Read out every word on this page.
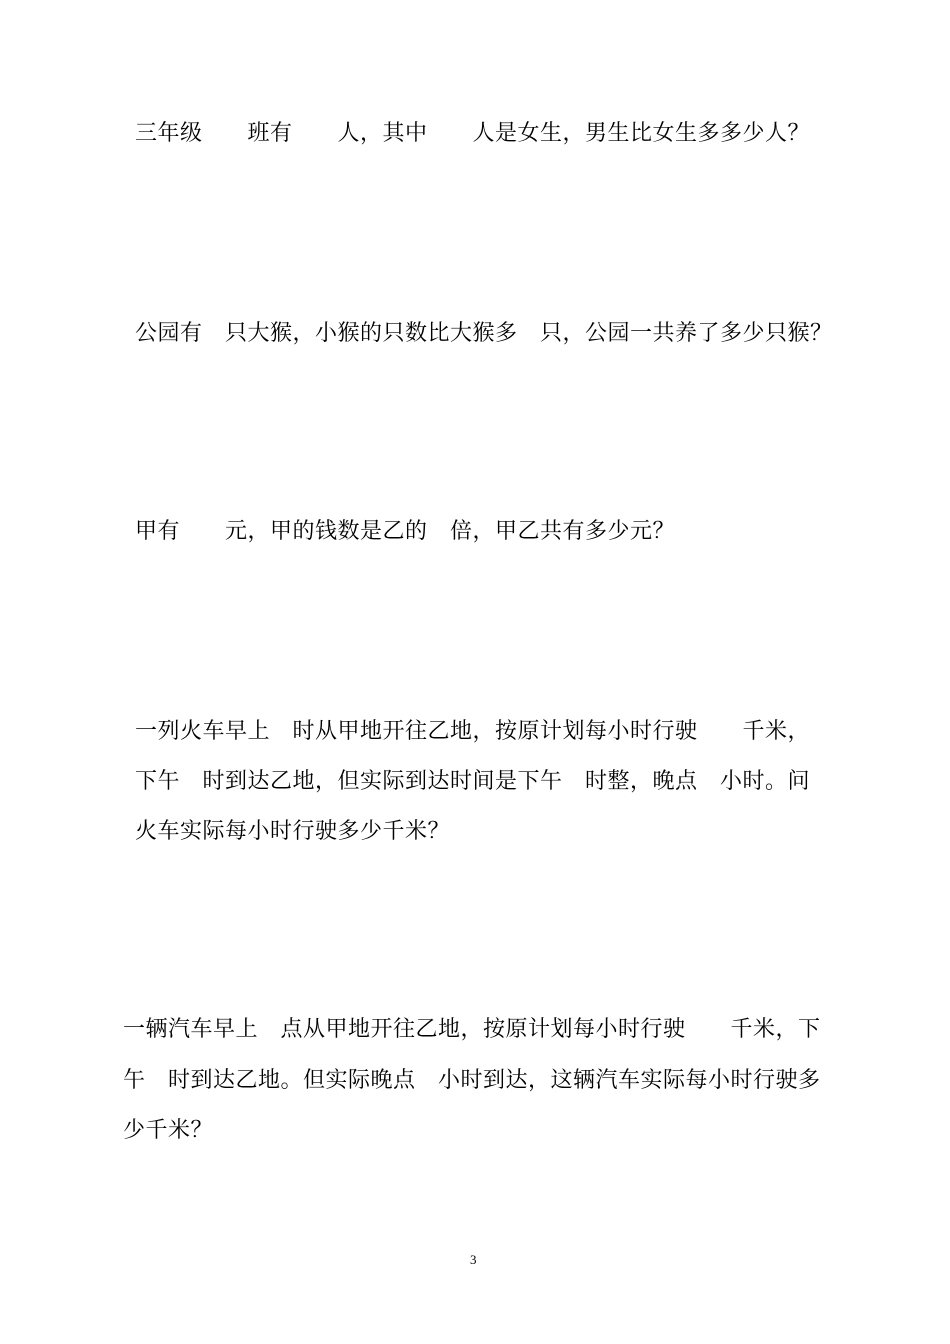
三年级　　班有　　人，其中　　人是女生，男生比女生多多少人？
公园有　只大猴，小猴的只数比大猴多　只，公园一共养了多少只猴？
甲有　　元，甲的钱数是乙的　倍，甲乙共有多少元？
一列火车早上　时从甲地开往乙地，按原计划每小时行驶　　千米，
下午　时到达乙地，但实际到达时间是下午　时整，晚点　小时。问
火车实际每小时行驶多少千米？
一辆汽车早上　点从甲地开往乙地，按原计划每小时行驶　　千米，下
午　时到达乙地。但实际晚点　小时到达，这辆汽车实际每小时行驶多
少千米？
3
